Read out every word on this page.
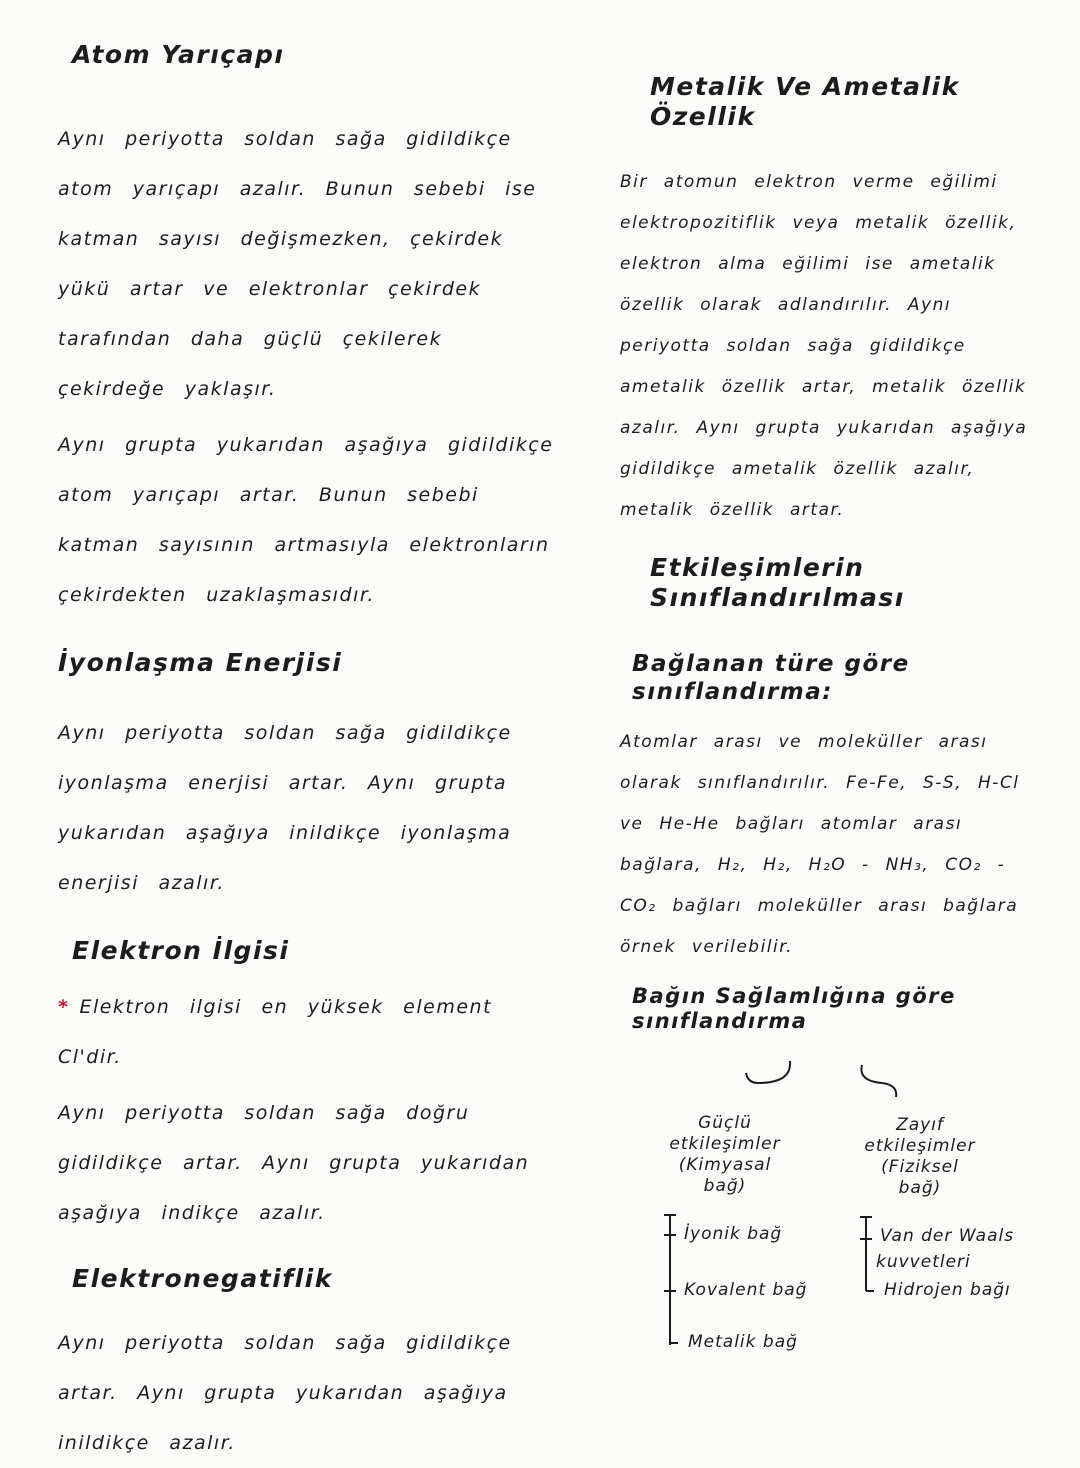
Atom Yarıçapı

Aynı periyotta soldan sağa gidildikçe atom yarıçapı azalır. Bunun sebebi ise katman sayısı değişmezken, çekirdek yükü artar ve elektronlar çekirdek tarafından daha güçlü çekilerek çekirdeğe yaklaşır.

Aynı grupta yukarıdan aşağıya gidildikçe atom yarıçapı artar. Bunun sebebi katman sayısının artmasıyla elektronların çekirdekten uzaklaşmasıdır.

İyonlaşma Enerjisi

Aynı periyotta soldan sağa gidildikçe iyonlaşma enerjisi artar. Aynı grupta yukarıdan aşağıya inildikçe iyonlaşma enerjisi azalır.

Elektron İlgisi

* Elektron ilgisi en yüksek element Cl'dir.

Aynı periyotta soldan sağa doğru gidildikçe artar. Aynı grupta yukarıdan aşağıya indikçe azalır.

Elektronegatiflik

Aynı periyotta soldan sağa gidildikçe artar. Aynı grupta yukarıdan aşağıya inildikçe azalır.

Metalik Ve Ametalik Özellik

Bir atomun elektron verme eğilimi elektropozitiflik veya metalik özellik, elektron alma eğilimi ise ametalik özellik olarak adlandırılır. Aynı periyotta soldan sağa gidildikçe ametalik özellik artar, metalik özellik azalır. Aynı grupta yukarıdan aşağıya gidildikçe ametalik özellik azalır, metalik özellik artar.

Etkileşimlerin Sınıflandırılması
Bağlanan türe göre sınıflandırma:

Atomlar arası ve moleküller arası olarak sınıflandırılır. Fe-Fe, S-S, H-Cl ve He-He bağları atomlar arası bağlara, H₂, H₂, H₂O - NH₃, CO₂ - CO₂ bağları moleküller arası bağlara örnek verilebilir.

Bağın Sağlamlığına göre sınıflandırma
Güçlü
etkileşimler
(Kimyasal
bağ)
Zayıf
etkileşimler
(Fiziksel
bağ)
İyonik bağ
Kovalent bağ
Metalik bağ
Van der Waals
kuvvetleri
Hidrojen bağı
